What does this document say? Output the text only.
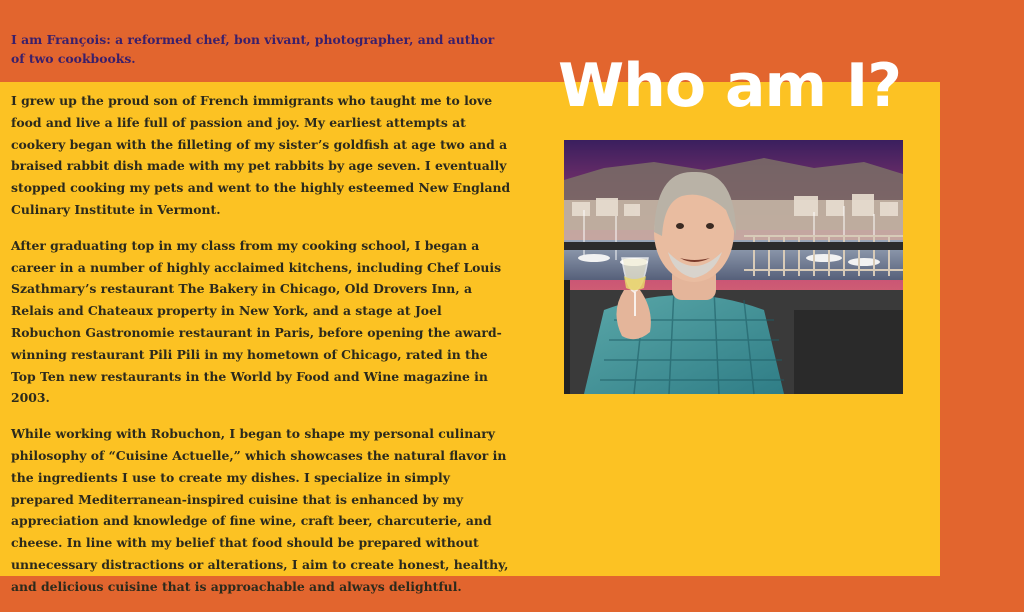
I am François: a reformed chef, bon vivant, photographer, and author of two cookbooks.

I grew up the proud son of French immigrants who taught me to love food and live a life full of passion and joy. My earliest attempts at cookery began with the filleting of my sister’s goldfish at age two and a braised rabbit dish made with my pet rabbits by age seven. I eventually stopped cooking my pets and went to the highly esteemed New England Culinary Institute in Vermont.

After graduating top in my class from my cooking school, I began a career in a number of highly acclaimed kitchens, including Chef Louis Szathmary’s restaurant The Bakery in Chicago, Old Drovers Inn, a Relais and Chateaux property in New York, and a stage at Joel Robuchon Gastronomie restaurant in Paris, before opening the award-winning restaurant Pili Pili in my hometown of Chicago, rated in the Top Ten new restaurants in the World by Food and Wine magazine in 2003.

While working with Robuchon, I began to shape my personal culinary philosophy of “Cuisine Actuelle,” which showcases the natural flavor in the ingredients I use to create my dishes. I specialize in simply prepared Mediterranean-inspired cuisine that is enhanced by my appreciation and knowledge of fine wine, craft beer, charcuterie, and cheese. In line with my belief that food should be prepared without unnecessary distractions or alterations, I aim to create honest, healthy, and delicious cuisine that is approachable and always delightful.

Who am I?
